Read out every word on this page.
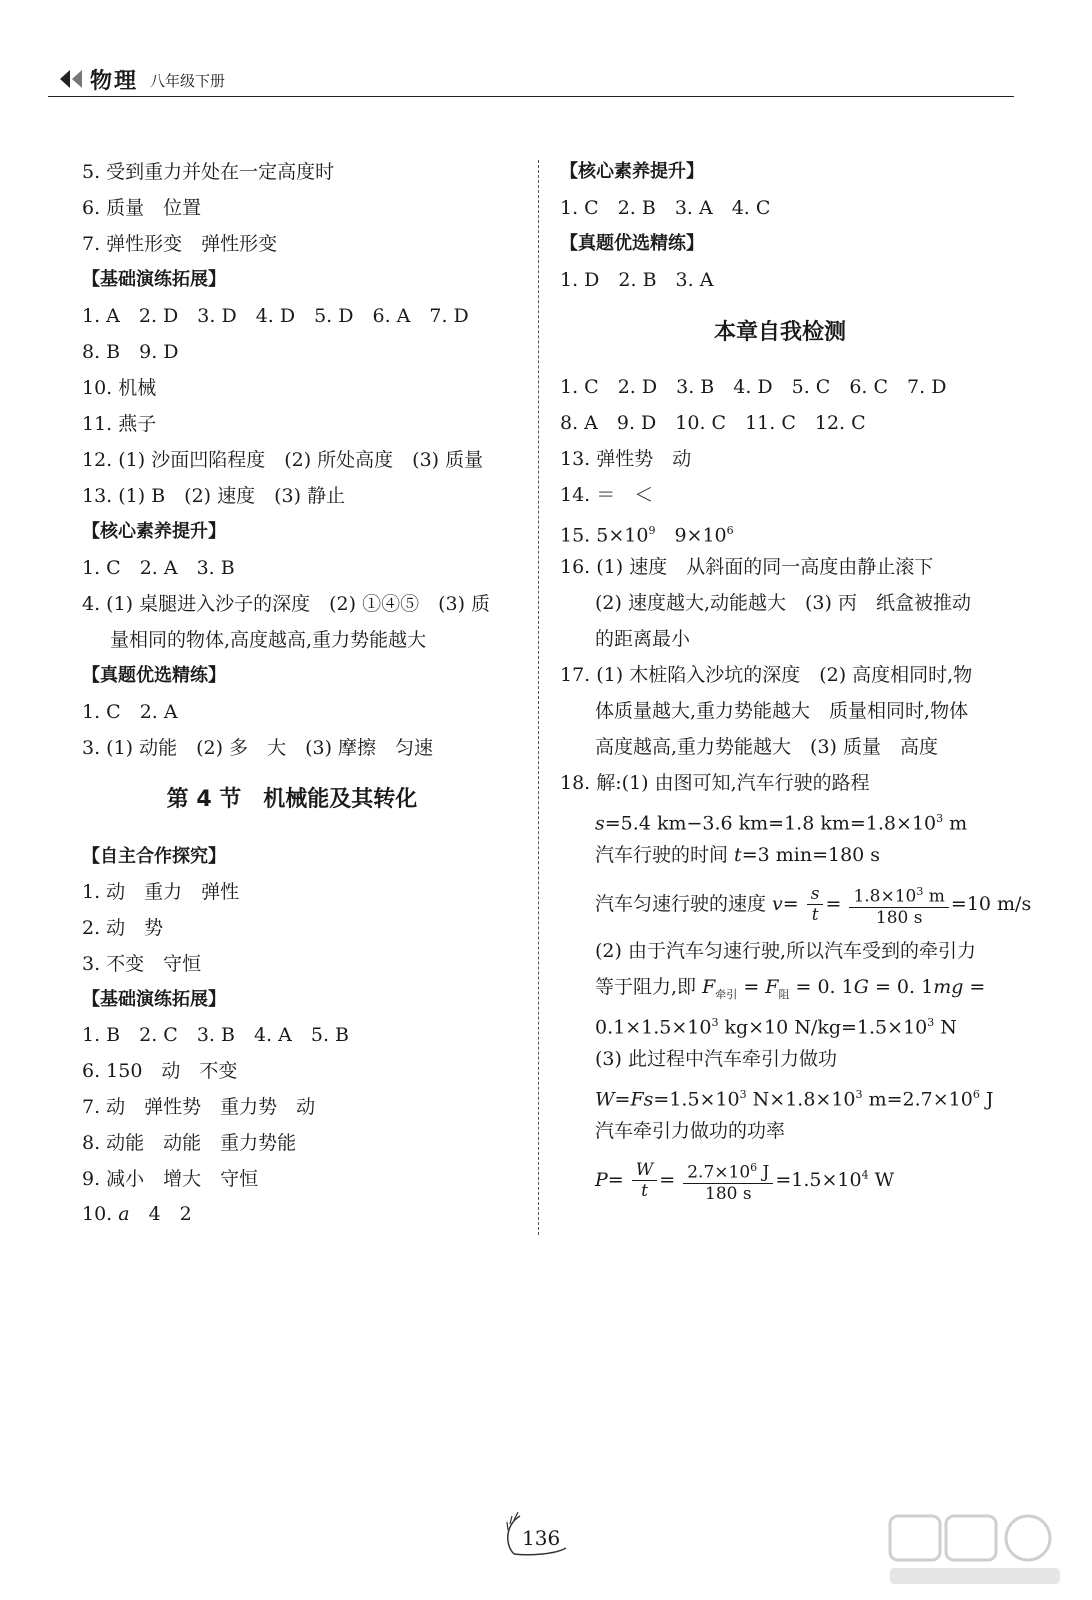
物理 八年级下册
5. 受到重力并处在一定高度时
6. 质量　位置
7. 弹性形变　弹性形变
【基础演练拓展】
1. A　2. D　3. D　4. D　5. D　6. A　7. D
8. B　9. D
10. 机械
11. 燕子
12. (1) 沙面凹陷程度　(2) 所处高度　(3) 质量
13. (1) B　(2) 速度　(3) 静止
【核心素养提升】
1. C　2. A　3. B
4. (1) 桌腿进入沙子的深度　(2) ①④⑤　(3) 质
量相同的物体,高度越高,重力势能越大
【真题优选精练】
1. C　2. A
3. (1) 动能　(2) 多　大　(3) 摩擦　匀速
第 4 节　机械能及其转化
【自主合作探究】
1. 动　重力　弹性
2. 动　势
3. 不变　守恒
【基础演练拓展】
1. B　2. C　3. B　4. A　5. B
6. 150　动　不变
7. 动　弹性势　重力势　动
8. 动能　动能　重力势能
9. 减小　增大　守恒
10. a　4　2
【核心素养提升】
1. C　2. B　3. A　4. C
【真题优选精练】
1. D　2. B　3. A
本章自我检测
1. C　2. D　3. B　4. D　5. C　6. C　7. D
8. A　9. D　10. C　11. C　12. C
13. 弹性势　动
14. ＝　＜
15. $5\times 10^9$　$9\times 10^6$
16. (1) 速度　从斜面的同一高度由静止滚下
(2) 速度越大,动能越大　(3) 丙　纸盒被推动
的距离最小
17. (1) 木桩陷入沙坑的深度　(2) 高度相同时,物
体质量越大,重力势能越大　质量相同时,物体
高度越高,重力势能越大　(3) 质量　高度
18. 解:(1) 由图可知,汽车行驶的路程
s=5.4 km−3.6 km=1.8 $km=1.8\times 10^3$ m
汽车行驶的时间 t=3 min=180 s
汽车匀速行驶的速度 $v= \frac{s}{t} = \frac{1.8\times 10^3 m}{180 s} =10$ m/s
(2) 由于汽车匀速行驶,所以汽车受到的牵引力
等于阻力,即 $F_{牵引} = F_阻 = 0$. 1G = 0. 1mg =
$0.1\times 1.5\times 10^3$ kg×10 $N/kg=1.5\times 10^3$ N
(3) 此过程中汽车牵引力做功
$W=Fs=1.5\times 10^3$ $N\times 1.8\times 10^3$ $m=2.7\times 10^6$ J
汽车牵引力做功的功率
$P= \frac{W}{t} = \frac{2.7\times 10^6 J}{180 s} =1.5\times 10^4$ W
136
